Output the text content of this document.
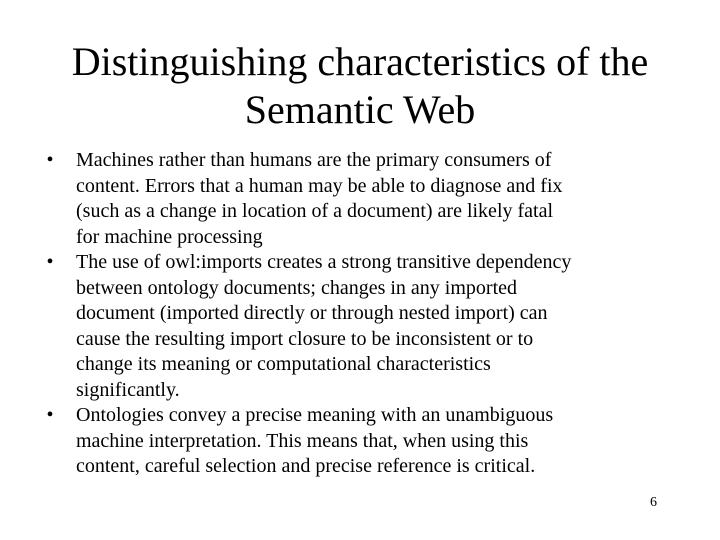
Distinguishing characteristics of the
Semantic Web
•	Machines rather than humans are the primary consumers of
content. Errors that a human may be able to diagnose and fix
(such as a change in location of a document) are likely fatal
for machine processing
•	The use of owl:imports creates a strong transitive dependency
between ontology documents; changes in any imported
document (imported directly or through nested import) can
cause the resulting import closure to be inconsistent or to
change its meaning or computational characteristics
significantly.
•	Ontologies convey a precise meaning with an unambiguous
machine interpretation. This means that, when using this
content, careful selection and precise reference is critical.
6
